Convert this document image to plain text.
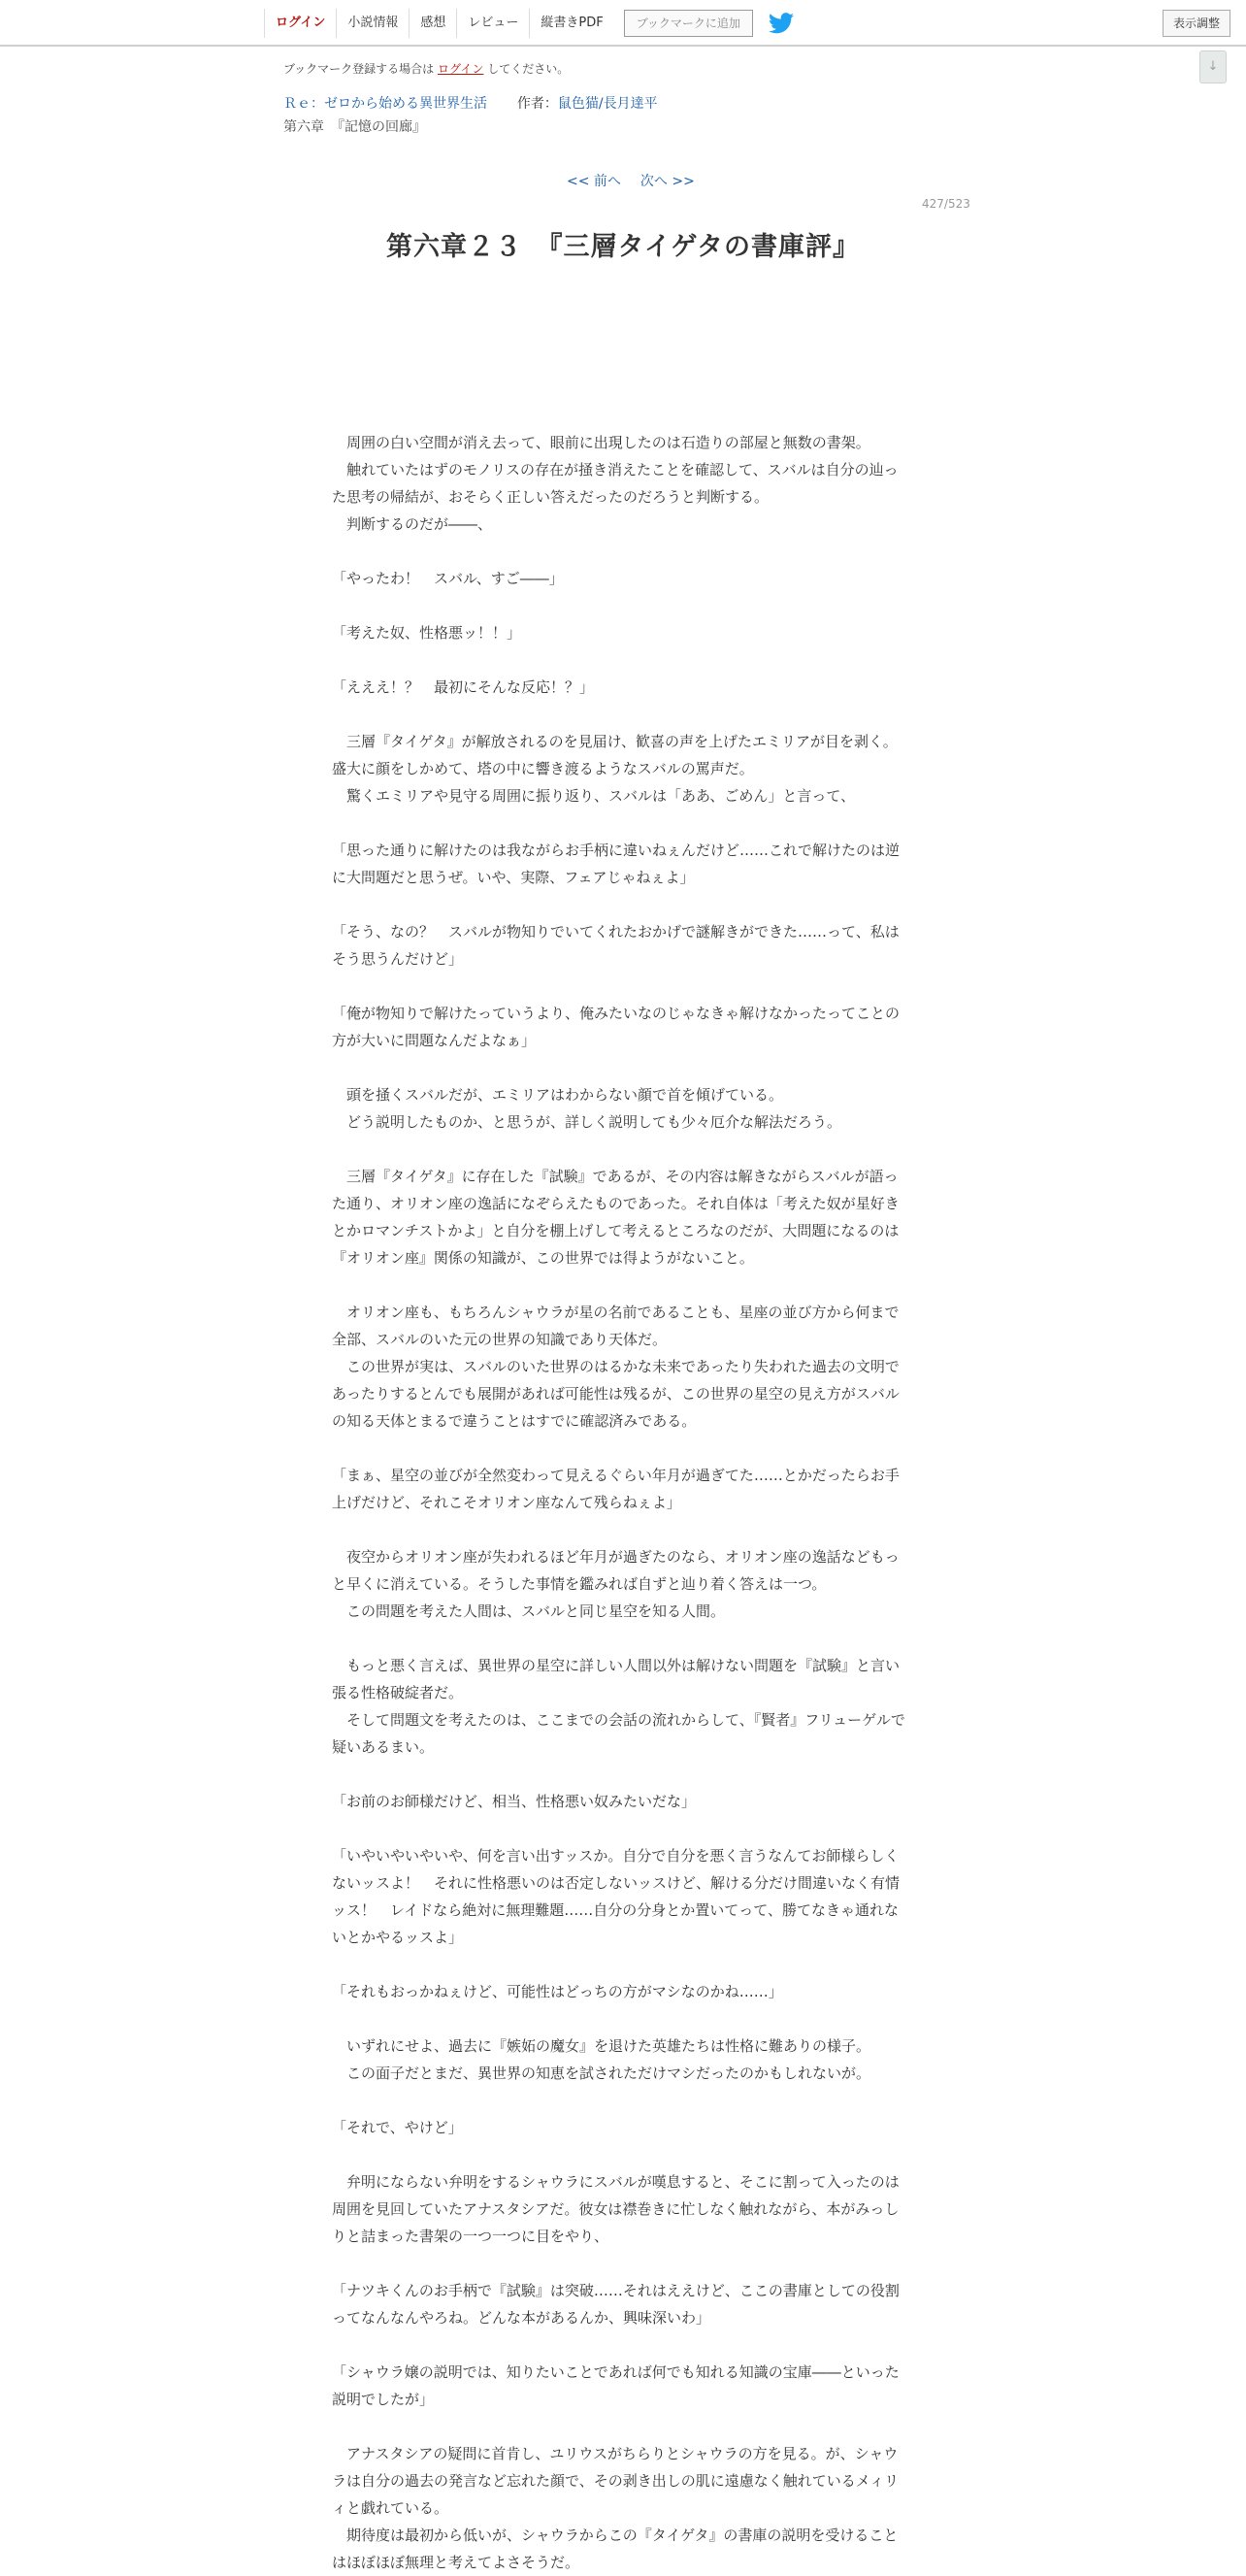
ログイン	小説情報	感想	レビュー	縦書きPDF	ブックマークに追加	表示調整
↓
ブックマーク登録する場合は ログイン してください。
Ｒｅ：ゼロから始める異世界生活 作者：鼠色猫/長月達平
第六章　『記憶の回廊』
<< 前へ 次へ >>
427/523
第六章２３　『三層タイゲタの書庫評』

　周囲の白い空間が消え去って、眼前に出現したのは石造りの部屋と無数の書架。

　触れていたはずのモノリスの存在が掻き消えたことを確認して、スバルは自分の辿った思考の帰結が、おそらく正しい答えだったのだろうと判断する。

　判断するのだが――、

「やったわ！　スバル、すご――」

「考えた奴、性格悪ッ！！」

「えええ！？　最初にそんな反応！？」

　三層『タイゲタ』が解放されるのを見届け、歓喜の声を上げたエミリアが目を剥く。盛大に顔をしかめて、塔の中に響き渡るようなスバルの罵声だ。

　驚くエミリアや見守る周囲に振り返り、スバルは「ああ、ごめん」と言って、

「思った通りに解けたのは我ながらお手柄に違いねぇんだけど……これで解けたのは逆に大問題だと思うぜ。いや、実際、フェアじゃねぇよ」

「そう、なの？　スバルが物知りでいてくれたおかげで謎解きができた……って、私はそう思うんだけど」

「俺が物知りで解けたっていうより、俺みたいなのじゃなきゃ解けなかったってことの方が大いに問題なんだよなぁ」

　頭を掻くスバルだが、エミリアはわからない顔で首を傾げている。

　どう説明したものか、と思うが、詳しく説明しても少々厄介な解法だろう。

　三層『タイゲタ』に存在した『試験』であるが、その内容は解きながらスバルが語った通り、オリオン座の逸話になぞらえたものであった。それ自体は「考えた奴が星好きとかロマンチストかよ」と自分を棚上げして考えるところなのだが、大問題になるのは『オリオン座』関係の知識が、この世界では得ようがないこと。

　オリオン座も、もちろんシャウラが星の名前であることも、星座の並び方から何まで全部、スバルのいた元の世界の知識であり天体だ。

　この世界が実は、スバルのいた世界のはるかな未来であったり失われた過去の文明であったりするとんでも展開があれば可能性は残るが、この世界の星空の見え方がスバルの知る天体とまるで違うことはすでに確認済みである。

「まぁ、星空の並びが全然変わって見えるぐらい年月が過ぎてた……とかだったらお手上げだけど、それこそオリオン座なんて残らねぇよ」

　夜空からオリオン座が失われるほど年月が過ぎたのなら、オリオン座の逸話などもっと早くに消えている。そうした事情を鑑みれば自ずと辿り着く答えは一つ。

　この問題を考えた人間は、スバルと同じ星空を知る人間。

　もっと悪く言えば、異世界の星空に詳しい人間以外は解けない問題を『試験』と言い張る性格破綻者だ。

　そして問題文を考えたのは、ここまでの会話の流れからして、『賢者』フリューゲルで疑いあるまい。

「お前のお師様だけど、相当、性格悪い奴みたいだな」

「いやいやいやいや、何を言い出すッスか。自分で自分を悪く言うなんてお師様らしくないッスよ！　それに性格悪いのは否定しないッスけど、解ける分だけ間違いなく有情ッス！　レイドなら絶対に無理難題……自分の分身とか置いてって、勝てなきゃ通れないとかやるッスよ」

「それもおっかねぇけど、可能性はどっちの方がマシなのかね……」

　いずれにせよ、過去に『嫉妬の魔女』を退けた英雄たちは性格に難ありの様子。

　この面子だとまだ、異世界の知恵を試されただけマシだったのかもしれないが。

「それで、やけど」

　弁明にならない弁明をするシャウラにスバルが嘆息すると、そこに割って入ったのは周囲を見回していたアナスタシアだ。彼女は襟巻きに忙しなく触れながら、本がみっしりと詰まった書架の一つ一つに目をやり、

「ナツキくんのお手柄で『試験』は突破……それはええけど、ここの書庫としての役割ってなんなんやろね。どんな本があるんか、興味深いわ」

「シャウラ嬢の説明では、知りたいことであれば何でも知れる知識の宝庫――といった説明でしたが」

　アナスタシアの疑問に首肯し、ユリウスがちらりとシャウラの方を見る。が、シャウラは自分の過去の発言など忘れた顔で、その剥き出しの肌に遠慮なく触れているメィリィと戯れている。

　期待度は最初から低いが、シャウラからこの『タイゲタ』の書庫の説明を受けることはほぼほぼ無理と考えてよさそうだ。
